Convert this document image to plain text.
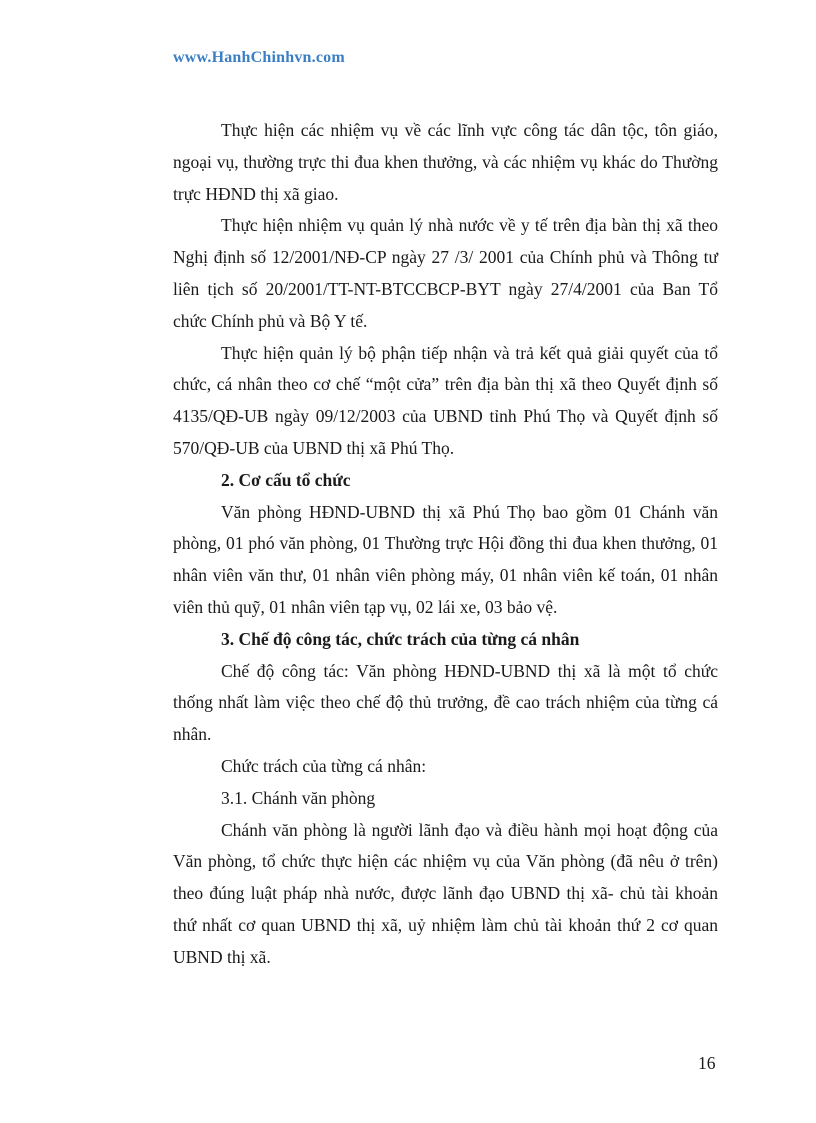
www.HanhChinhvn.com

Thực hiện các nhiệm vụ về các lĩnh vực công tác dân tộc, tôn giáo, ngoại vụ, thường trực thi đua khen thưởng, và các nhiệm vụ khác do Thường trực HĐND thị xã giao.

Thực hiện nhiệm vụ quản lý nhà nước về y tế trên địa bàn thị xã theo Nghị định số 12/2001/NĐ-CP ngày 27 /3/ 2001 của Chính phủ và Thông tư liên tịch số 20/2001/TT-NT-BTCCBCP-BYT ngày 27/4/2001 của Ban Tổ chức Chính phủ và Bộ Y tế.

Thực hiện quản lý bộ phận tiếp nhận và trả kết quả giải quyết của tổ chức, cá nhân theo cơ chế “một cửa” trên địa bàn thị xã theo Quyết định số 4135/QĐ-UB ngày 09/12/2003 của UBND tỉnh Phú Thọ và Quyết định số 570/QĐ-UB của UBND thị xã Phú Thọ.

2. Cơ cấu tổ chức

Văn phòng HĐND-UBND thị xã Phú Thọ bao gồm 01 Chánh văn phòng, 01 phó văn phòng, 01 Thường trực Hội đồng thi đua khen thưởng, 01 nhân viên văn thư, 01 nhân viên phòng máy, 01 nhân viên kế toán, 01 nhân viên thủ quỹ, 01 nhân viên tạp vụ, 02 lái xe, 03 bảo vệ.

3. Chế độ công tác, chức trách của từng cá nhân

Chế độ công tác: Văn phòng HĐND-UBND thị xã là một tổ chức thống nhất làm việc theo chế độ thủ trưởng, đề cao trách nhiệm của từng cá nhân.

Chức trách của từng cá nhân:

3.1. Chánh văn phòng

Chánh văn phòng là người lãnh đạo và điều hành mọi hoạt động của Văn phòng, tổ chức thực hiện các nhiệm vụ của Văn phòng (đã nêu ở trên) theo đúng luật pháp nhà nước, được lãnh đạo UBND thị xã- chủ tài khoản thứ nhất cơ quan UBND thị xã, uỷ nhiệm làm chủ tài khoản thứ 2 cơ quan UBND thị xã.

16
